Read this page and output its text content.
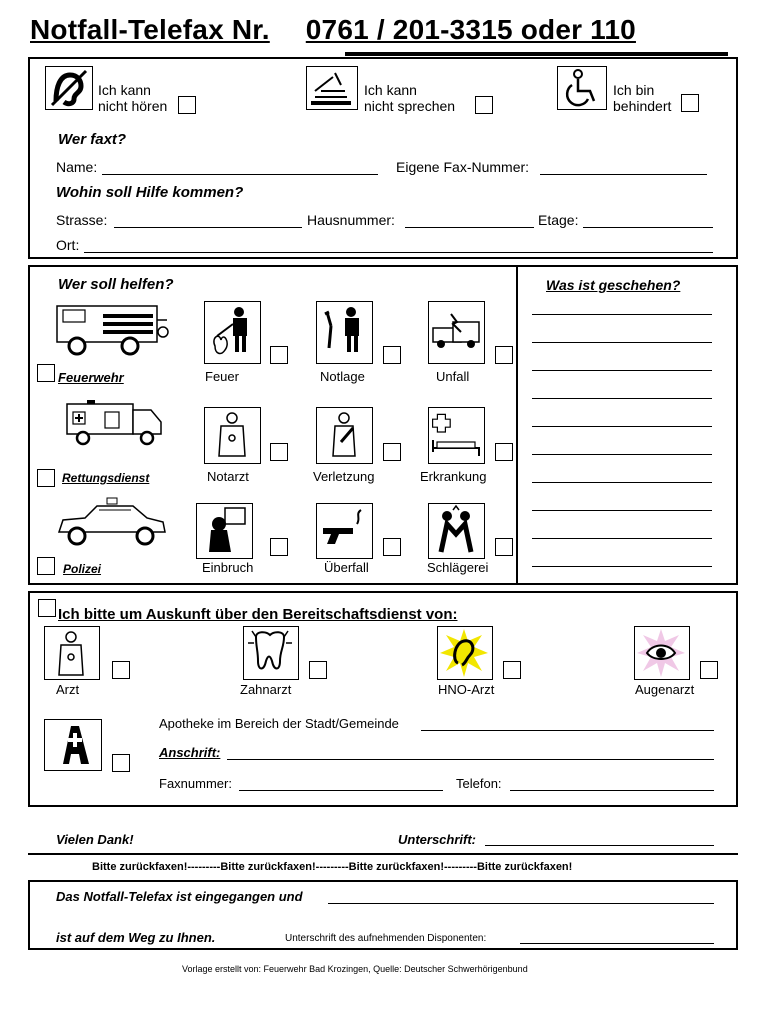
Notfall-Telefax Nr. 0761 / 201-3315 oder 110
Ich kann
nicht hören
Ich kann
nicht sprechen
Ich bin
behindert
Wer faxt?
Name:	Eigene Fax-Nummer:
Wohin soll Hilfe kommen?
Strasse:	Hausnummer:	Etage:
Ort:
Wer soll helfen?	Was ist geschehen?
Feuerwehr	Feuer	Notlage	Unfall
Rettungsdienst	Notarzt	Verletzung	Erkrankung
Polizei	Einbruch	Überfall	Schlägerei
Ich bitte um Auskunft über den Bereitschaftsdienst von:
Arzt	Zahnarzt	HNO-Arzt	Augenarzt
Apotheke im Bereich der Stadt/Gemeinde
Anschrift:
Faxnummer:	Telefon:
Vielen Dank!	Unterschrift:
Bitte zurückfaxen!---------Bitte zurückfaxen!---------Bitte zurückfaxen!---------Bitte zurückfaxen!
Das Notfall-Telefax ist eingegangen und
ist auf dem Weg zu Ihnen.	Unterschrift des aufnehmenden Disponenten:
Vorlage erstellt von: Feuerwehr Bad Krozingen, Quelle: Deutscher Schwerhörigenbund
